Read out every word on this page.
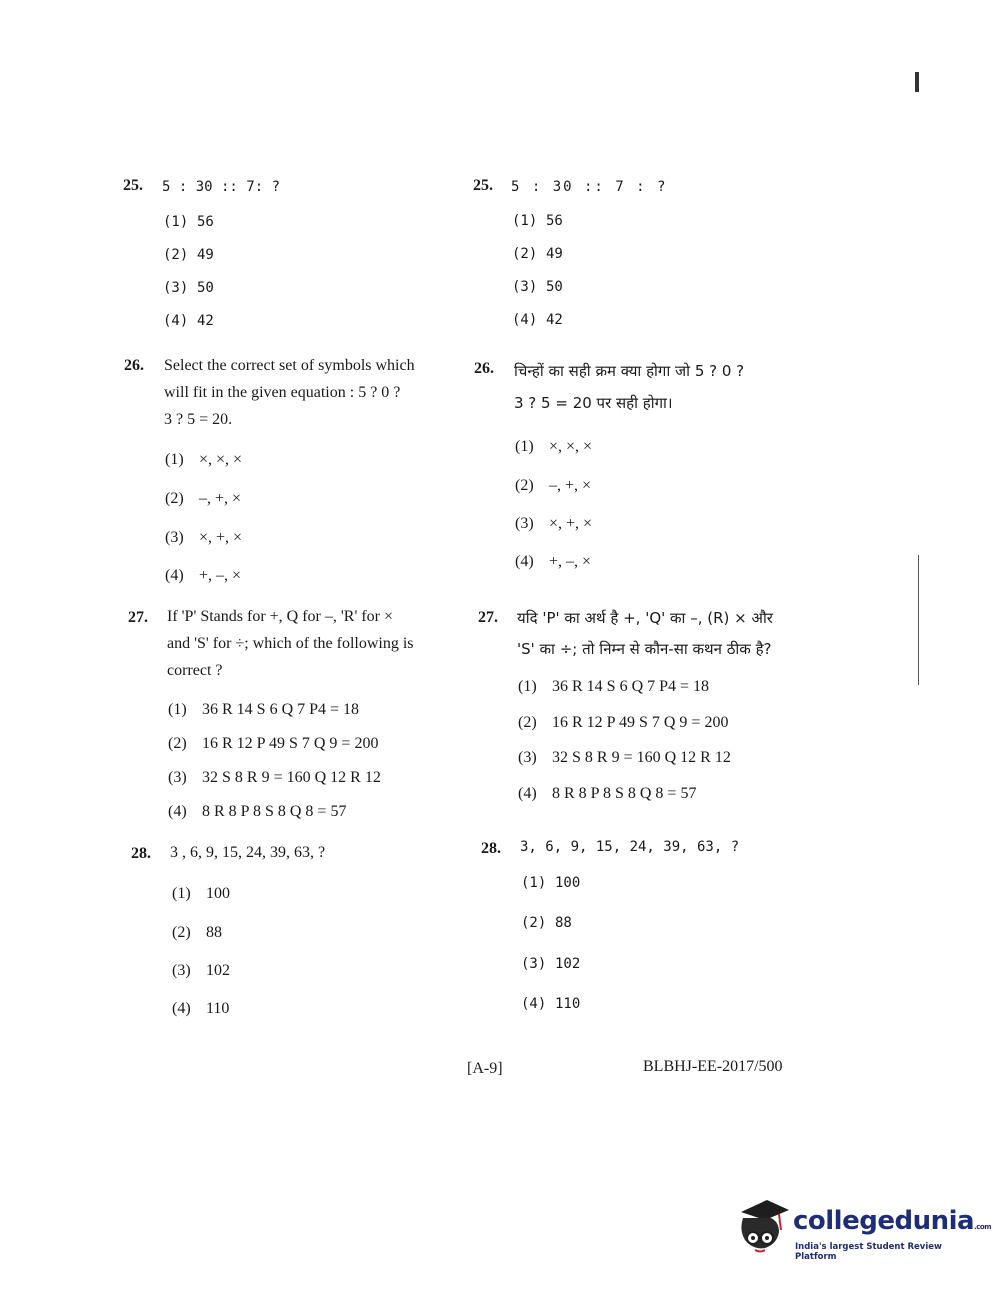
25. 5 : 30 :: 7: ?
(1) 56
(2) 49
(3) 50
(4) 42
25. 5 : 30 :: 7 : ?
(1) 56
(2) 49
(3) 50
(4) 42
26. Select the correct set of symbols which
will fit in the given equation : 5 ? 0 ?
3 ? 5 = 20.
(1) ×, ×, ×
(2) –, +, ×
(3) ×, +, ×
(4) +, –, ×
26. चिन्हों का सही क्रम क्या होगा जो 5 ? 0 ?
3 ? 5 = 20 पर सही होगा।
(1) ×, ×, ×
(2) –, +, ×
(3) ×, +, ×
(4) +, –, ×
27. If 'P' Stands for +, Q for –, 'R' for ×
and 'S' for ÷; which of the following is
correct ?
(1) 36 R 14 S 6 Q 7 P4 = 18
(2) 16 R 12 P 49 S 7 Q 9 = 200
(3) 32 S 8 R 9 = 160 Q 12 R 12
(4) 8 R 8 P 8 S 8 Q 8 = 57
27. यदि 'P' का अर्थ है +, 'Q' का –, (R) × और
'S' का ÷; तो निम्न से कौन-सा कथन ठीक है?
(1) 36 R 14 S 6 Q 7 P4 = 18
(2) 16 R 12 P 49 S 7 Q 9 = 200
(3) 32 S 8 R 9 = 160 Q 12 R 12
(4) 8 R 8 P 8 S 8 Q 8 = 57
28. 3 , 6, 9, 15, 24, 39, 63, ?
(1) 100
(2) 88
(3) 102
(4) 110
28. 3, 6, 9, 15, 24, 39, 63, ?
(1) 100
(2) 88
(3) 102
(4) 110
[A-9]	BLBHJ-EE-2017/500
collegedunia.com
India's largest Student Review Platform
